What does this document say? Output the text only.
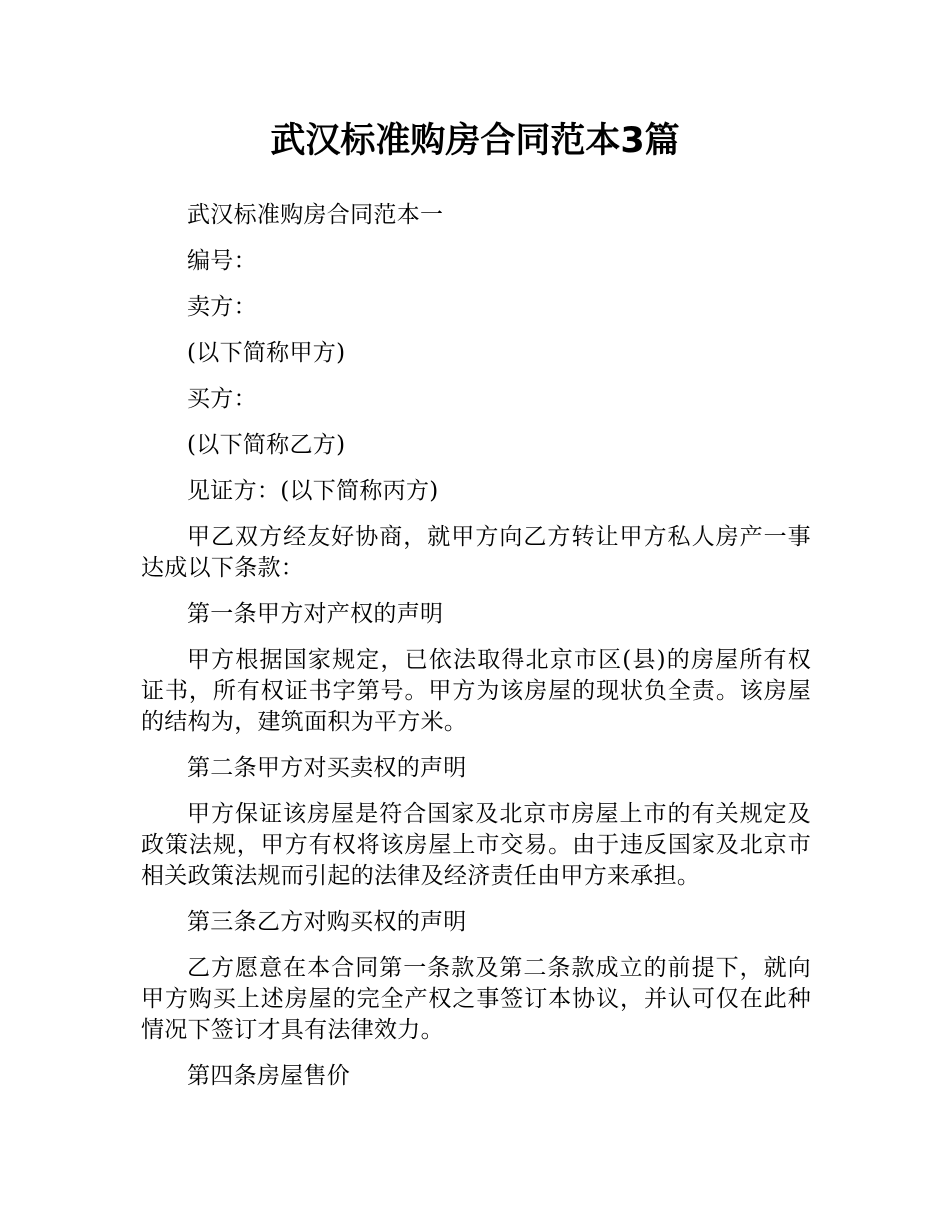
武汉标准购房合同范本3篇

武汉标准购房合同范本一

编号：

卖方：

(以下简称甲方)

买方：

(以下简称乙方)

见证方：(以下简称丙方)

甲乙双方经友好协商，就甲方向乙方转让甲方私人房产一事达成以下条款：

第一条甲方对产权的声明

甲方根据国家规定，已依法取得北京市区(县)的房屋所有权证书，所有权证书字第号。甲方为该房屋的现状负全责。该房屋的结构为，建筑面积为平方米。

第二条甲方对买卖权的声明

甲方保证该房屋是符合国家及北京市房屋上市的有关规定及政策法规，甲方有权将该房屋上市交易。由于违反国家及北京市相关政策法规而引起的法律及经济责任由甲方来承担。

第三条乙方对购买权的声明

乙方愿意在本合同第一条款及第二条款成立的前提下，就向甲方购买上述房屋的完全产权之事签订本协议，并认可仅在此种情况下签订才具有法律效力。

第四条房屋售价
